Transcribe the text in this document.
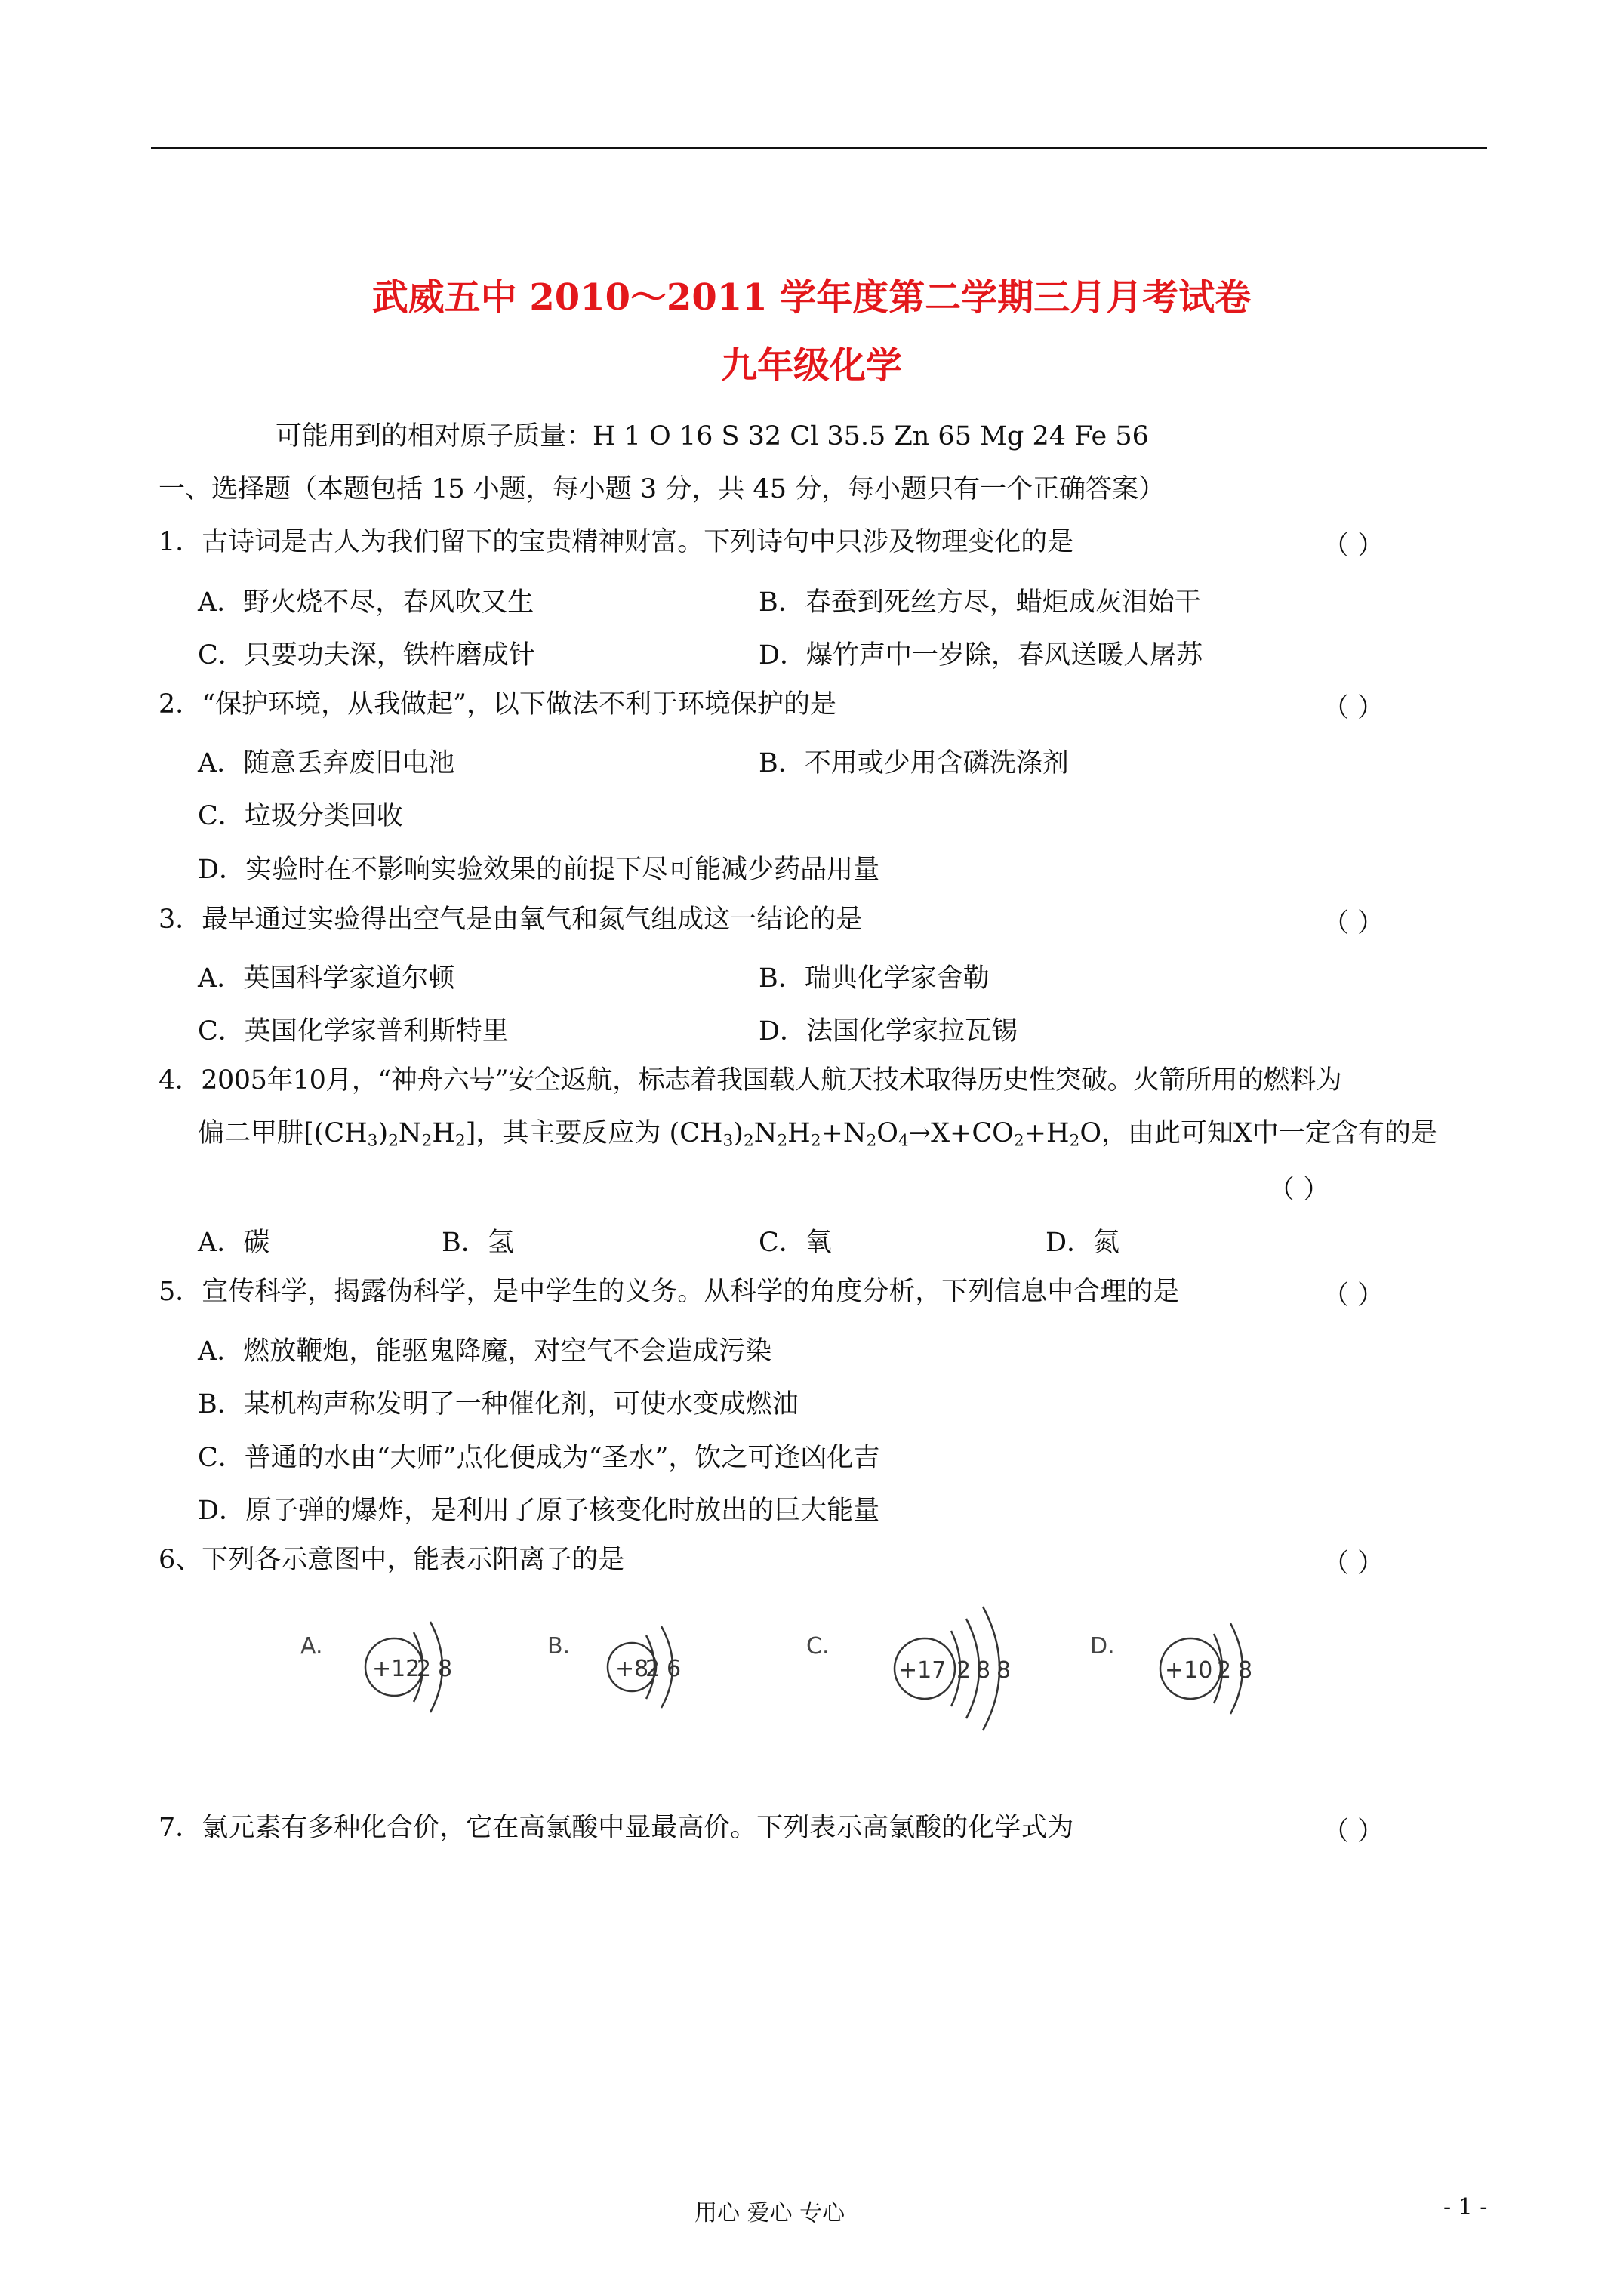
武威五中 2010～2011 学年度第二学期三月月考试卷
九年级化学
可能用到的相对原子质量：H 1 O 16 S 32 Cl 35.5 Zn 65 Mg 24 Fe 56
一、选择题（本题包括 15 小题，每小题 3 分，共 45 分，每小题只有一个正确答案）
1．古诗词是古人为我们留下的宝贵精神财富。下列诗句中只涉及物理变化的是	（ ）
A．野火烧不尽，春风吹又生	B．春蚕到死丝方尽，蜡炬成灰泪始干
C．只要功夫深，铁杵磨成针	D．爆竹声中一岁除，春风送暖人屠苏
2．“保护环境，从我做起”，以下做法不利于环境保护的是	（ ）
A．随意丢弃废旧电池	B．不用或少用含磷洗涤剂
C．垃圾分类回收
D．实验时在不影响实验效果的前提下尽可能减少药品用量
3．最早通过实验得出空气是由氧气和氮气组成这一结论的是	（ ）
A．英国科学家道尔顿	B．瑞典化学家舍勒
C．英国化学家普利斯特里	D．法国化学家拉瓦锡
4．2005年10月，“神舟六号”安全返航，标志着我国载人航天技术取得历史性突破。火箭所用的燃料为
偏二甲肼$[(CH_3)_2N_2H_2]$，其主要反应为 $(CH_3)_2N_2H_2+N_2O_4\to X+CO_2+H_2O$，由此可知X中一定含有的是
（ ）
A．碳	B．氢	C．氧	D．氮
5．宣传科学，揭露伪科学，是中学生的义务。从科学的角度分析，下列信息中合理的是	（ ）
A．燃放鞭炮，能驱鬼降魔，对空气不会造成污染
B．某机构声称发明了一种催化剂，可使水变成燃油
C．普通的水由“大师”点化便成为“圣水”，饮之可逢凶化吉
D．原子弹的爆炸，是利用了原子核变化时放出的巨大能量
6、下列各示意图中，能表示阳离子的是	（ ）
A.
+12
2 8
B.
+8
2 6
C.
+17 2 8 8
D.
+10 2 8
7．氯元素有多种化合价，它在高氯酸中显最高价。下列表示高氯酸的化学式为	（ ）
用心 爱心 专心	- 1 -
